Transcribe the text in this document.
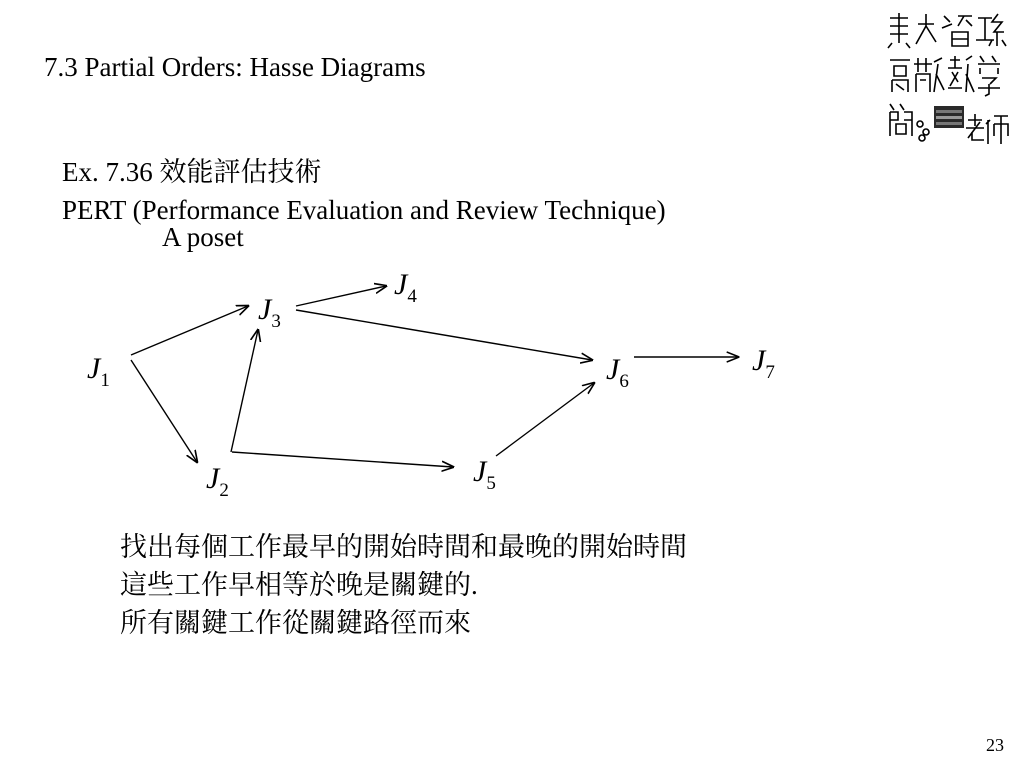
7.3 Partial Orders: Hasse Diagrams
Ex. 7.36 效能評估技術
PERT (Performance Evaluation and Review Technique)
A poset
$J_1$
$J_2$
$J_3$
$J_4$
$J_5$
$J_6$
$J_7$
找出每個工作最早的開始時間和最晚的開始時間
這些工作早相等於晚是關鍵的.
所有關鍵工作從關鍵路徑而來
23
